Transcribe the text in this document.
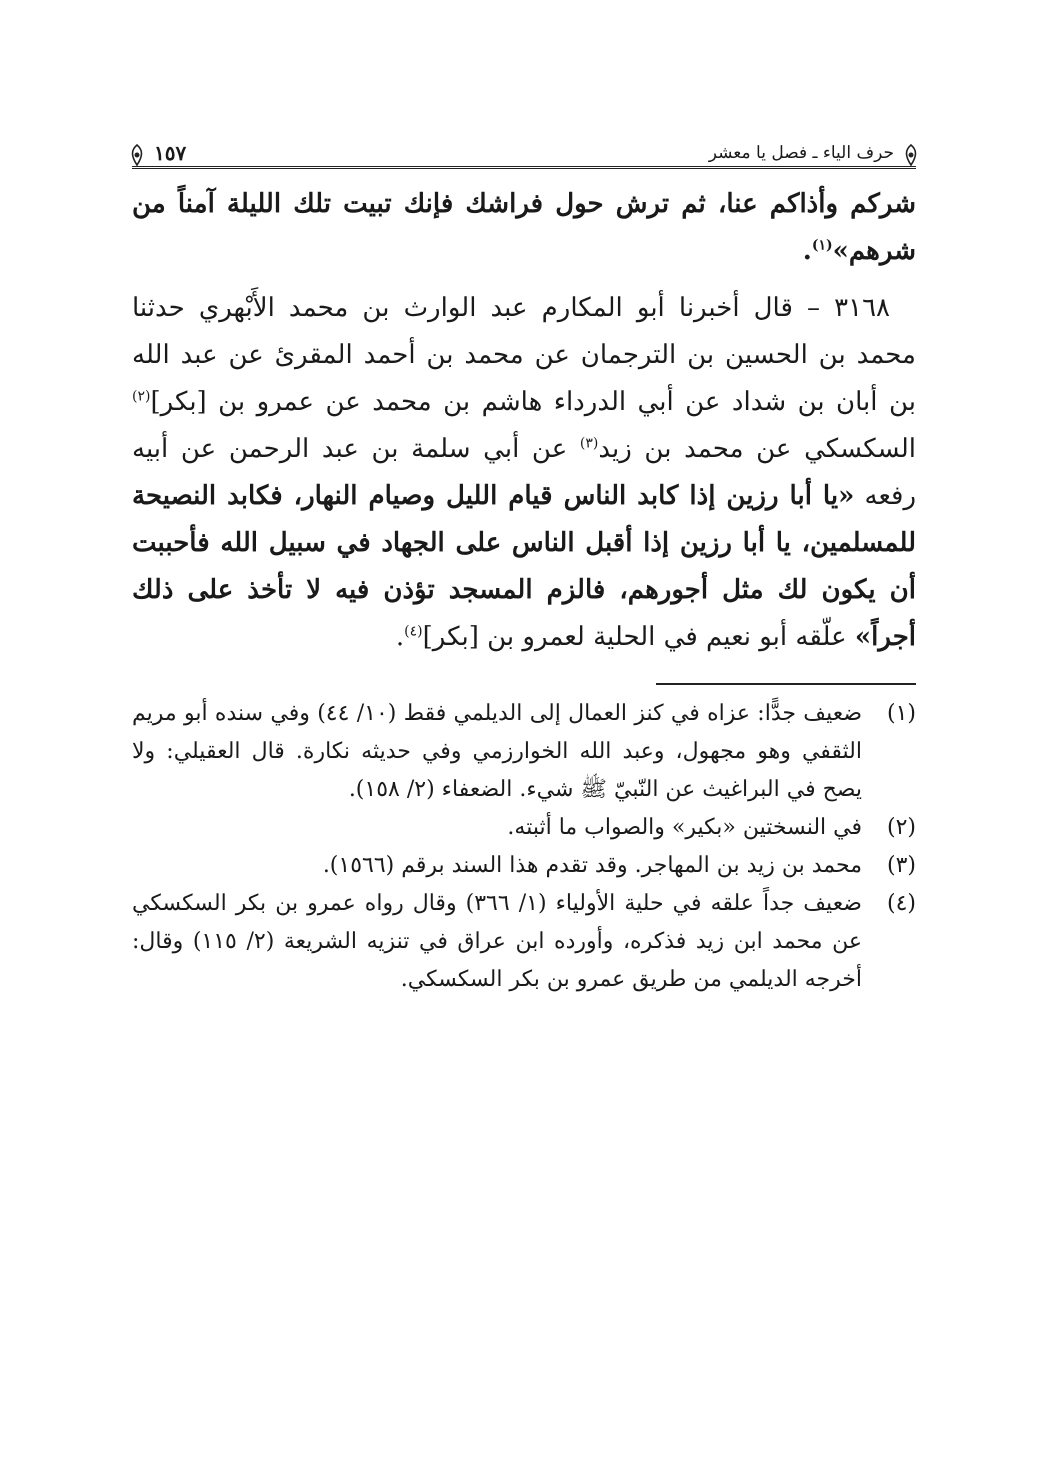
حرف الياء ـ فصل يا معشر
١٥٧

شركم وأذاكم عنا، ثم ترش حول فراشك فإنك تبيت تلك الليلة آمناً من شرهم»$^{(١)}$.

٣١٦٨ – قال أخبرنا أبو المكارم عبد الوارث بن محمد الأَبْهري حدثنا محمد بن الحسين بن الترجمان عن محمد بن أحمد المقرئ عن عبد الله بن أبان بن شداد عن أبي الدرداء هاشم بن محمد عن عمرو بن [بكر]$^{(٢)}$ السكسكي عن محمد بن زيد$^{(٣)}$ عن أبي سلمة بن عبد الرحمن عن أبيه رفعه «يا أبا رزين إذا كابد الناس قيام الليل وصيام النهار، فكابد النصيحة للمسلمين، يا أبا رزين إذا أقبل الناس على الجهاد في سبيل الله فأحببت أن يكون لك مثل أجورهم، فالزم المسجد تؤذن فيه لا تأخذ على ذلك أجراً» علّقه أبو نعيم في الحلية لعمرو بن [بكر]$^{(٤)}$.

(١)
ضعيف جدًّا: عزاه في كنز العمال إلى الديلمي فقط (١٠/ ٤٤) وفي سنده أبو مريم الثقفي وهو مجهول، وعبد الله الخوارزمي وفي حديثه نكارة. قال العقيلي: ولا يصح في البراغيث عن النّبيّ ﷺ شيء. الضعفاء (٢/ ١٥٨).
(٢)
في النسختين «بكير» والصواب ما أثبته.
(٣)
محمد بن زيد بن المهاجر. وقد تقدم هذا السند برقم (١٥٦٦).
(٤)
ضعيف جداً علقه في حلية الأولياء (١/ ٣٦٦) وقال رواه عمرو بن بكر السكسكي عن محمد ابن زيد فذكره، وأورده ابن عراق في تنزيه الشريعة (٢/ ١١٥) وقال: أخرجه الديلمي من طريق عمرو بن بكر السكسكي.
